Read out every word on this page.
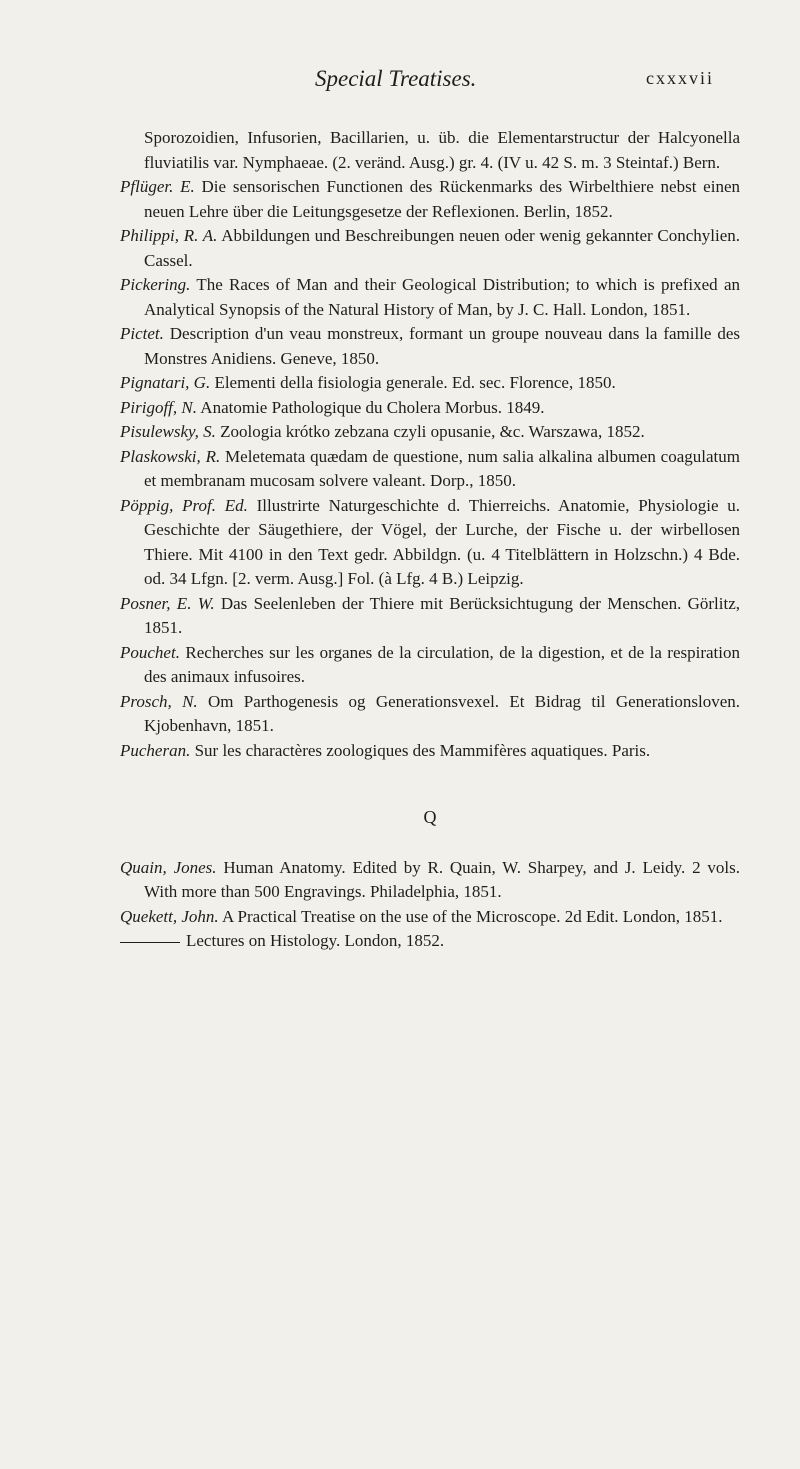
Special Treatises.	cxxxvii
Sporozoidien, Infusorien, Bacillarien, u. üb. die Elementarstructur der Halcyonella fluviatilis var. Nymphaeae. (2. veränd. Ausg.) gr. 4. (IV u. 42 S. m. 3 Steintaf.) Bern.
Pflüger. E. Die sensorischen Functionen des Rückenmarks des Wirbelthiere nebst einen neuen Lehre über die Leitungsgesetze der Reflexionen. Berlin, 1852.
Philippi, R. A. Abbildungen und Beschreibungen neuen oder wenig gekannter Conchylien. Cassel.
Pickering. The Races of Man and their Geological Distribution; to which is prefixed an Analytical Synopsis of the Natural History of Man, by J. C. Hall. London, 1851.
Pictet. Description d'un veau monstreux, formant un groupe nouveau dans la famille des Monstres Anidiens. Geneve, 1850.
Pignatari, G. Elementi della fisiologia generale. Ed. sec. Florence, 1850.
Pirigoff, N. Anatomie Pathologique du Cholera Morbus. 1849.
Pisulewsky, S. Zoologia krótko zebzana czyli opusanie, &c. Warszawa, 1852.
Plaskowski, R. Meletemata quædam de questione, num salia alkalina albumen coagulatum et membranam mucosam solvere valeant. Dorp., 1850.
Pöppig, Prof. Ed. Illustrirte Naturgeschichte d. Thierreichs. Anatomie, Physiologie u. Geschichte der Säugethiere, der Vögel, der Lurche, der Fische u. der wirbellosen Thiere. Mit 4100 in den Text gedr. Abbildgn. (u. 4 Titelblättern in Holzschn.) 4 Bde. od. 34 Lfgn. [2. verm. Ausg.] Fol. (à Lfg. 4 B.) Leipzig.
Posner, E. W. Das Seelenleben der Thiere mit Berücksichtugung der Menschen. Görlitz, 1851.
Pouchet. Recherches sur les organes de la circulation, de la digestion, et de la respiration des animaux infusoires.
Prosch, N. Om Parthogenesis og Generationsvexel. Et Bidrag til Generationsloven. Kjobenhavn, 1851.
Pucheran. Sur les charactères zoologiques des Mammifères aquatiques. Paris.
Q
Quain, Jones. Human Anatomy. Edited by R. Quain, W. Sharpey, and J. Leidy. 2 vols. With more than 500 Engravings. Philadelphia, 1851.
Quekett, John. A Practical Treatise on the use of the Microscope. 2d Edit. London, 1851.
Lectures on Histology. London, 1852.
